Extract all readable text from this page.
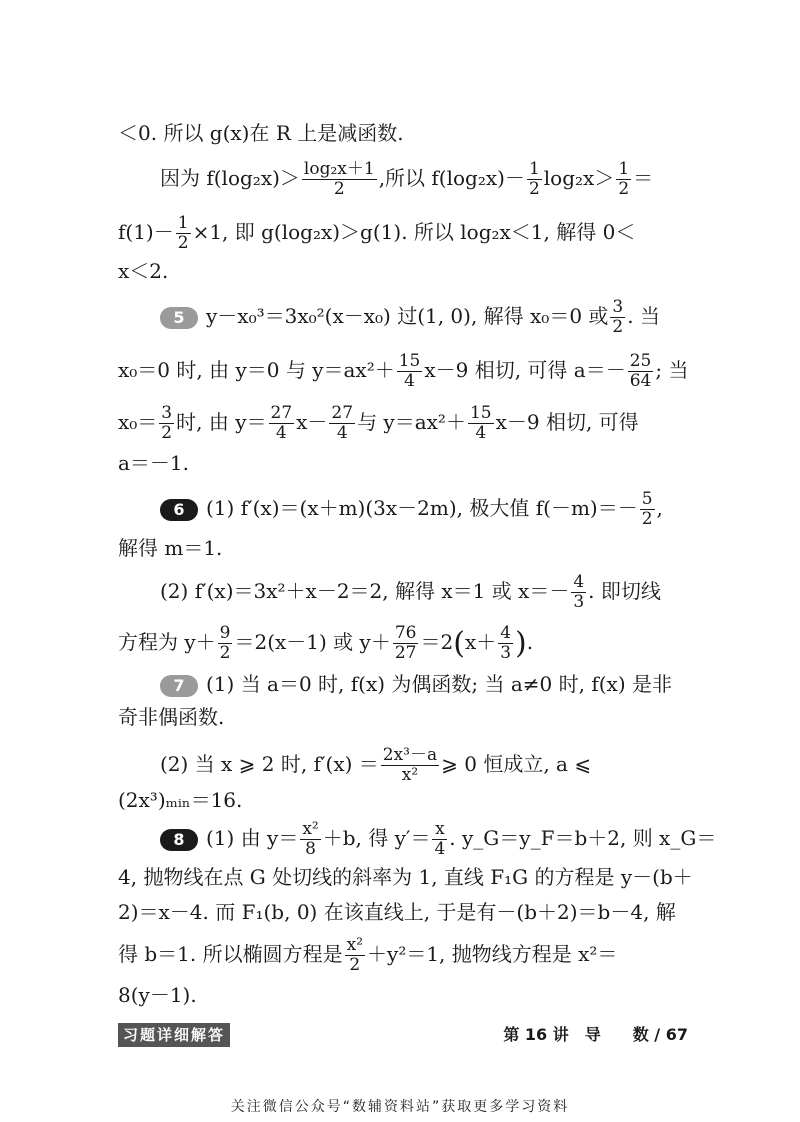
＜0. 所以 g(x)在 R 上是减函数.
因为 $f(\log_2x)> \frac{\text{log₂x＋1}}{2}$ ,所以 $f(\log_2x)- \frac{1}{2} \log_2x> \frac{1}{2}$ ＝
$f(1)- \frac{1}{2} \times 1$, 即 g(log₂x)＞g(1). 所以 log₂x＜1, 解得 0＜
x＜2.
5 y－x₀³＝3x₀²(x－x₀) 过(1, 0), 解得 x₀＝0 或 $\frac{3}{2}$ . 当
x₀＝0 时, 由 y＝0 与 $y=ax^2+ \frac{15}{4} x-9$ 相切, 可得 $a=- \frac{25}{64}$ ; 当
$x_0= \frac{3}{2}$ 时, 由 $y= \frac{27}{4} x- \frac{27}{4}$ 与 $y=ax^2+ \frac{15}{4} x-9$ 相切, 可得
a＝－1.
6 (1) f′(x)＝(x＋m)(3x－2m), 极大值 $f(-m)=- \frac{5}{2}$ ,
解得 m＝1.
(2) f′(x)＝3x²＋x－2＝2, 解得 x＝1 或 $x=- \frac{4}{3}$ . 即切线
方程为 $y+ \frac{9}{2} =2(x-1)$ 或 $y+ \frac{76}{27} =2(x+ \frac{4}{3}$ ).
7 (1) 当 a＝0 时, f(x) 为偶函数; 当 a≠0 时, f(x) 是非
奇非偶函数.
(2) 当 x ⩾ 2 时, $f'(x) = \frac{\text{2x³－a}}{\text{x²}}$ ⩾ 0 恒成立, a ⩽
(2x³)ₘᵢₙ＝16.
8 (1) 由 $y= \frac{\text{x²}}{8} +b$, 得 $y'= \frac{x}{4}$ . y_G＝y_F＝b＋2, 则 x_G＝
4, 抛物线在点 G 处切线的斜率为 1, 直线 F₁G 的方程是 y－(b＋
2)＝x－4. 而 F₁(b, 0) 在该直线上, 于是有－(b＋2)＝b－4, 解
得 b＝1. 所以椭圆方程是 $\frac{\text{x²}}{2} +y^2=1$, 抛物线方程是 x²＝
8(y－1).
习题详细解答	第 16 讲　导　　数 / 67
关注微信公众号“数辅资料站”获取更多学习资料
